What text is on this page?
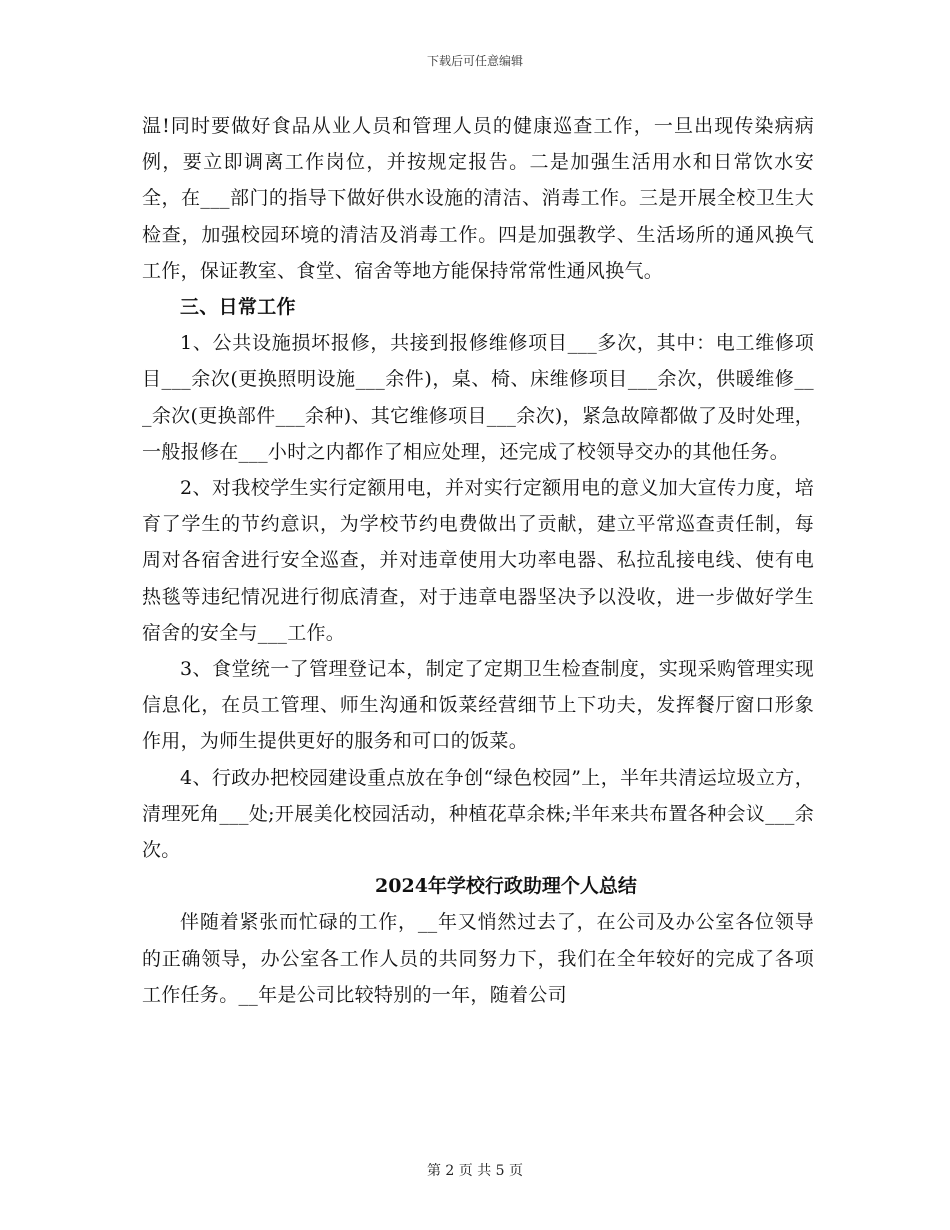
下载后可任意编辑

温!同时要做好食品从业人员和管理人员的健康巡查工作，一旦出现传染病病例，要立即调离工作岗位，并按规定报告。二是加强生活用水和日常饮水安全，在___部门的指导下做好供水设施的清洁、消毒工作。三是开展全校卫生大检查，加强校园环境的清洁及消毒工作。四是加强教学、生活场所的通风换气工作，保证教室、食堂、宿舍等地方能保持常常性通风换气。

三、日常工作

1、公共设施损坏报修，共接到报修维修项目___多次，其中：电工维修项目___余次(更换照明设施___余件)，桌、椅、床维修项目___余次，供暖维修___余次(更换部件___余种)、其它维修项目___余次)，紧急故障都做了及时处理，一般报修在___小时之内都作了相应处理，还完成了校领导交办的其他任务。

2、对我校学生实行定额用电，并对实行定额用电的意义加大宣传力度，培育了学生的节约意识，为学校节约电费做出了贡献，建立平常巡查责任制，每周对各宿舍进行安全巡查，并对违章使用大功率电器、私拉乱接电线、使有电热毯等违纪情况进行彻底清查，对于违章电器坚决予以没收，进一步做好学生宿舍的安全与___工作。

3、食堂统一了管理登记本，制定了定期卫生检查制度，实现采购管理实现信息化，在员工管理、师生沟通和饭菜经营细节上下功夫，发挥餐厅窗口形象作用，为师生提供更好的服务和可口的饭菜。

4、行政办把校园建设重点放在争创“绿色校园”上，半年共清运垃圾立方，清理死角___处;开展美化校园活动，种植花草余株;半年来共布置各种会议___余次。

2024年学校行政助理个人总结

伴随着紧张而忙碌的工作，__年又悄然过去了，在公司及办公室各位领导的正确领导，办公室各工作人员的共同努力下，我们在全年较好的完成了各项工作任务。__年是公司比较特别的一年，随着公司

第 2 页 共 5 页
